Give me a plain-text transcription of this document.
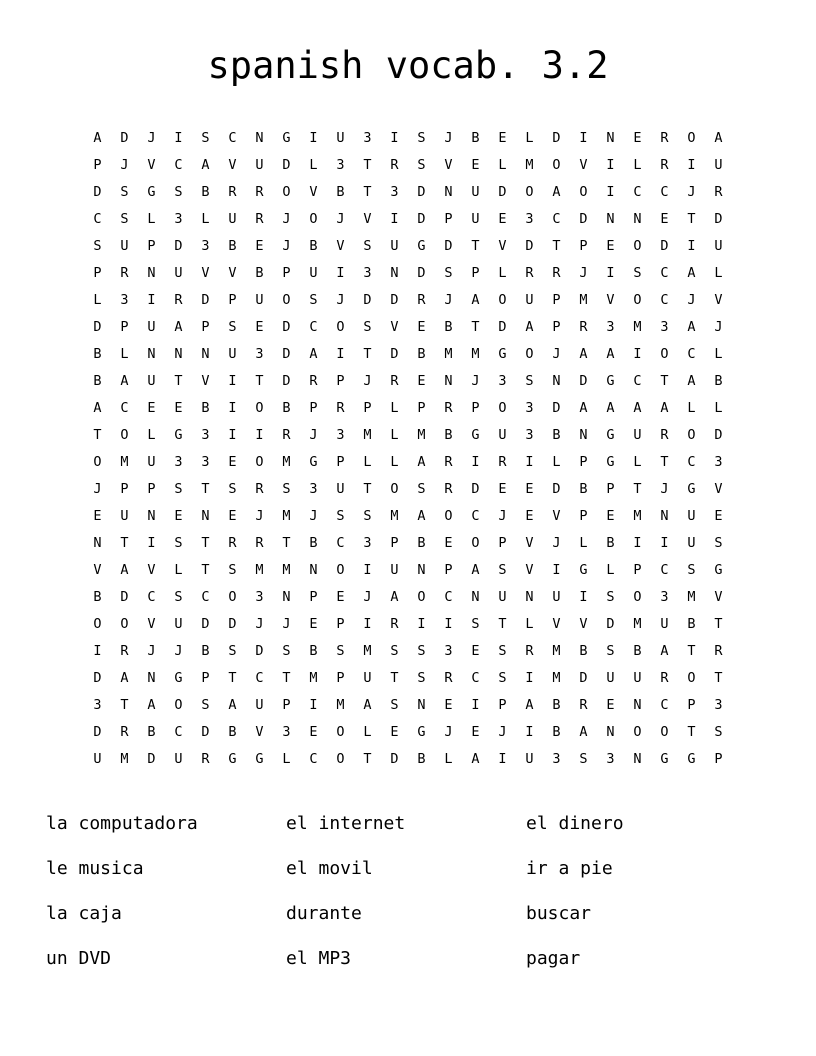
spanish vocab. 3.2
A	D	J	I	S	C	N	G	I	U	3	I	S	J	B	E	L	D	I	N	E	R	O	A
P	J	V	C	A	V	U	D	L	3	T	R	S	V	E	L	M	O	V	I	L	R	I	U
D	S	G	S	B	R	R	O	V	B	T	3	D	N	U	D	O	A	O	I	C	C	J	R
C	S	L	3	L	U	R	J	O	J	V	I	D	P	U	E	3	C	D	N	N	E	T	D
S	U	P	D	3	B	E	J	B	V	S	U	G	D	T	V	D	T	P	E	O	D	I	U
P	R	N	U	V	V	B	P	U	I	3	N	D	S	P	L	R	R	J	I	S	C	A	L
L	3	I	R	D	P	U	O	S	J	D	D	R	J	A	O	U	P	M	V	O	C	J	V
D	P	U	A	P	S	E	D	C	O	S	V	E	B	T	D	A	P	R	3	M	3	A	J
B	L	N	N	N	U	3	D	A	I	T	D	B	M	M	G	O	J	A	A	I	O	C	L
B	A	U	T	V	I	T	D	R	P	J	R	E	N	J	3	S	N	D	G	C	T	A	B
A	C	E	E	B	I	O	B	P	R	P	L	P	R	P	O	3	D	A	A	A	A	L	L
T	O	L	G	3	I	I	R	J	3	M	L	M	B	G	U	3	B	N	G	U	R	O	D
O	M	U	3	3	E	O	M	G	P	L	L	A	R	I	R	I	L	P	G	L	T	C	3
J	P	P	S	T	S	R	S	3	U	T	O	S	R	D	E	E	D	B	P	T	J	G	V
E	U	N	E	N	E	J	M	J	S	S	M	A	O	C	J	E	V	P	E	M	N	U	E
N	T	I	S	T	R	R	T	B	C	3	P	B	E	O	P	V	J	L	B	I	I	U	S
V	A	V	L	T	S	M	M	N	O	I	U	N	P	A	S	V	I	G	L	P	C	S	G
B	D	C	S	C	O	3	N	P	E	J	A	O	C	N	U	N	U	I	S	O	3	M	V
O	O	V	U	D	D	J	J	E	P	I	R	I	I	S	T	L	V	V	D	M	U	B	T
I	R	J	J	B	S	D	S	B	S	M	S	S	3	E	S	R	M	B	S	B	A	T	R
D	A	N	G	P	T	C	T	M	P	U	T	S	R	C	S	I	M	D	U	U	R	O	T
3	T	A	O	S	A	U	P	I	M	A	S	N	E	I	P	A	B	R	E	N	C	P	3
D	R	B	C	D	B	V	3	E	O	L	E	G	J	E	J	I	B	A	N	O	O	T	S
U	M	D	U	R	G	G	L	C	O	T	D	B	L	A	I	U	3	S	3	N	G	G	P
la computadora	el internet	el dinero
le musica	el movil	ir a pie
la caja	durante	buscar
un DVD	el MP3	pagar
